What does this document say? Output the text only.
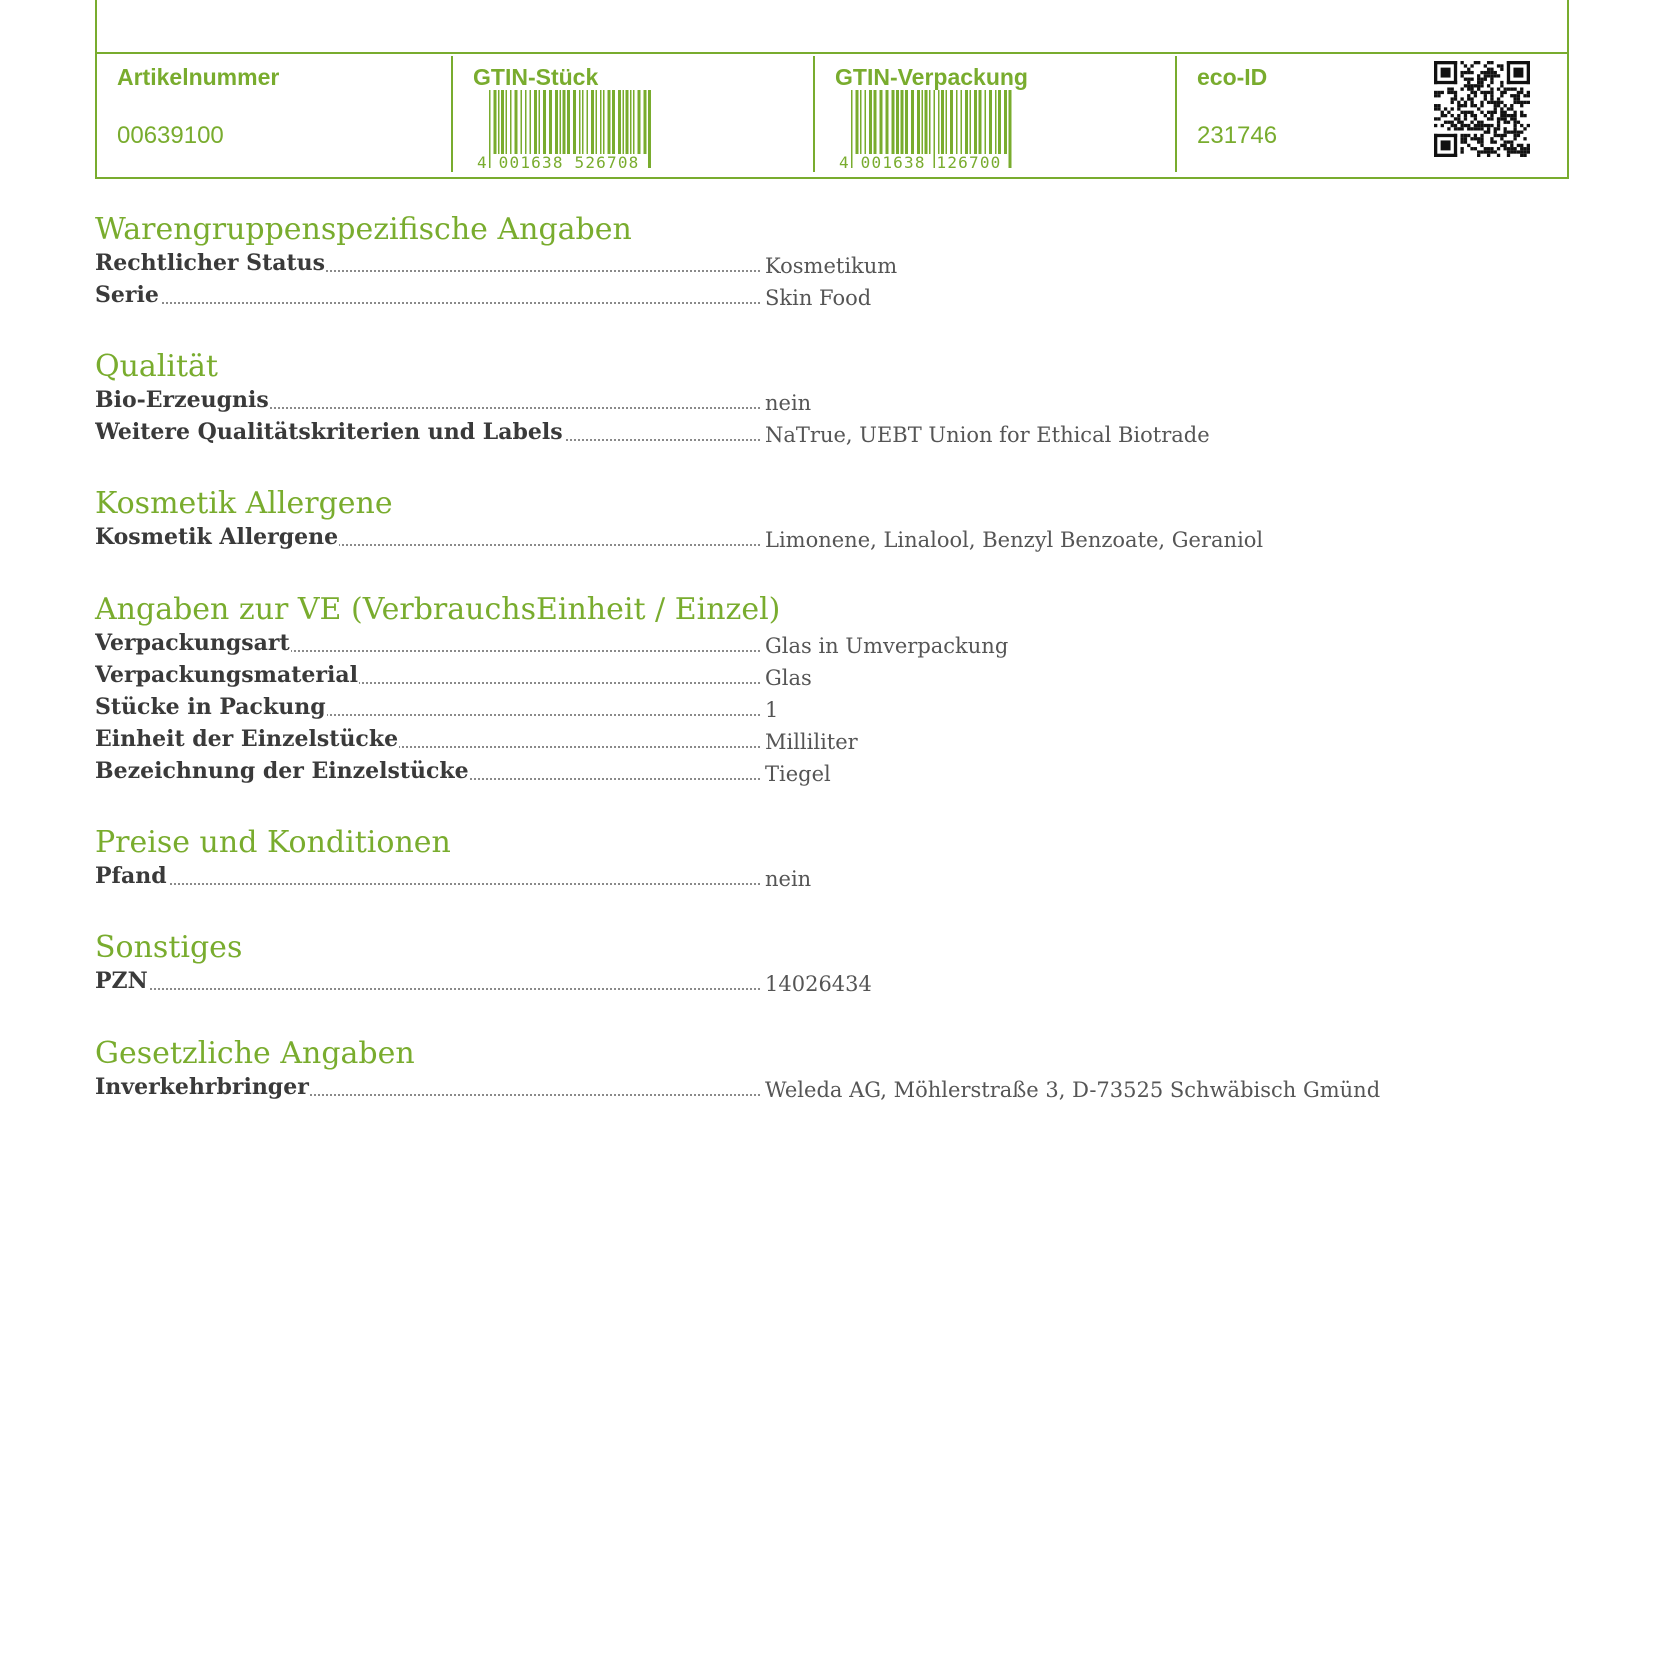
Artikelnummer
00639100
GTIN-Stück
4 001638 526708
GTIN-Verpackung
4 001638 126700
eco-ID
231746
Warengruppenspezifische Angaben
Rechtlicher Status	Kosmetikum
Serie	Skin Food
Qualität
Bio-Erzeugnis	nein
Weitere Qualitätskriterien und Labels	NaTrue, UEBT Union for Ethical Biotrade
Kosmetik Allergene
Kosmetik Allergene	Limonene, Linalool, Benzyl Benzoate, Geraniol
Angaben zur VE (VerbrauchsEinheit / Einzel)
Verpackungsart	Glas in Umverpackung
Verpackungsmaterial	Glas
Stücke in Packung	1
Einheit der Einzelstücke	Milliliter
Bezeichnung der Einzelstücke	Tiegel
Preise und Konditionen
Pfand	nein
Sonstiges
PZN	14026434
Gesetzliche Angaben
Inverkehrbringer	Weleda AG, Möhlerstraße 3, D-73525 Schwäbisch Gmünd
